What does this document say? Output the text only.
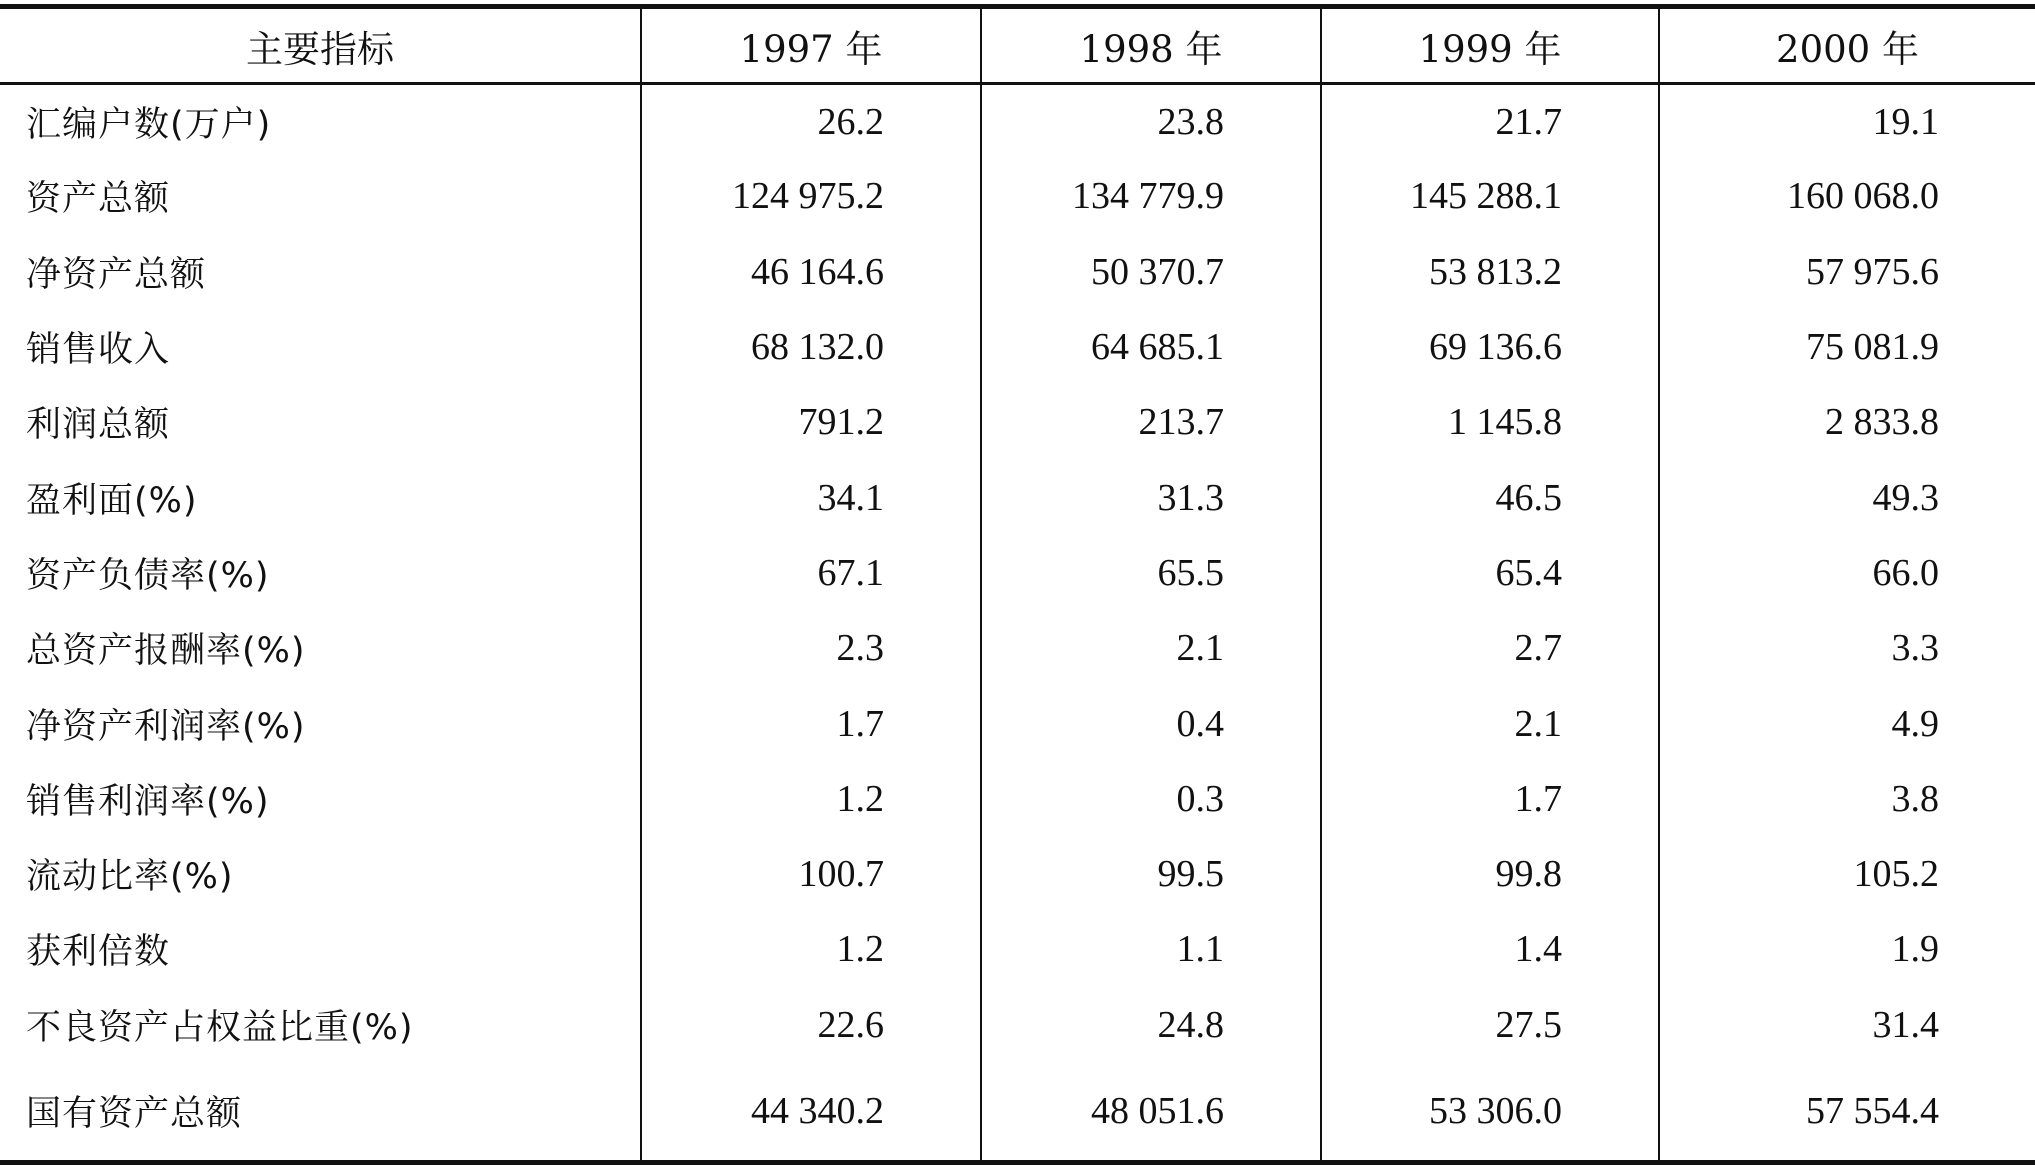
主要指标	1997 年	1998 年	1999 年	2000 年
汇编户数(万户)	26.2	23.8	21.7	19.1
资产总额	124 975.2	134 779.9	145 288.1	160 068.0
净资产总额	46 164.6	50 370.7	53 813.2	57 975.6
销售收入	68 132.0	64 685.1	69 136.6	75 081.9
利润总额	791.2	213.7	1 145.8	2 833.8
盈利面(%)	34.1	31.3	46.5	49.3
资产负债率(%)	67.1	65.5	65.4	66.0
总资产报酬率(%)	2.3	2.1	2.7	3.3
净资产利润率(%)	1.7	0.4	2.1	4.9
销售利润率(%)	1.2	0.3	1.7	3.8
流动比率(%)	100.7	99.5	99.8	105.2
获利倍数	1.2	1.1	1.4	1.9
不良资产占权益比重(%)	22.6	24.8	27.5	31.4
国有资产总额	44 340.2	48 051.6	53 306.0	57 554.4
